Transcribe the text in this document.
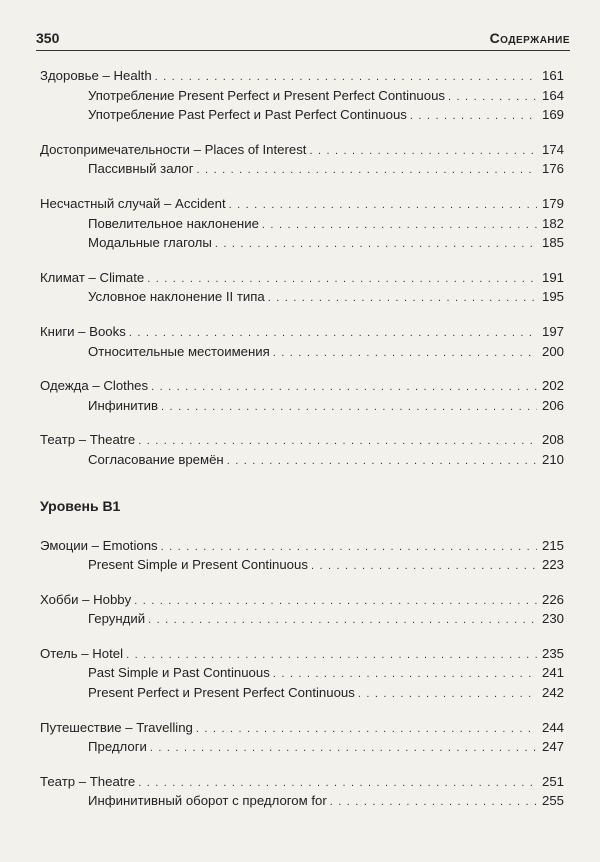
350	Содержание
Здоровье – Health . . .	161
Употребление Present Perfect и Present Perfect Continuous . . .	164
Употребление Past Perfect и Past Perfect Continuous . . .	169
Достопримечательности – Places of Interest . . .	174
Пассивный залог . . .	176
Несчастный случай – Accident . . .	179
Повелительное наклонение . . .	182
Модальные глаголы . . .	185
Климат – Climate . . .	191
Условное наклонение II типа . . .	195
Книги – Books . . .	197
Относительные местоимения . . .	200
Одежда – Clothes . . .	202
Инфинитив . . .	206
Театр – Theatre . . .	208
Согласование времён . . .	210
Уровень B1
Эмоции – Emotions . . .	215
Present Simple и Present Continuous . . .	223
Хобби – Hobby . . .	226
Герундий . . .	230
Отель – Hotel . . .	235
Past Simple и Past Continuous . . .	241
Present Perfect и Present Perfect Continuous . . .	242
Путешествие – Travelling . . .	244
Предлоги . . .	247
Театр – Theatre . . .	251
Инфинитивный оборот с предлогом for . . .	255
